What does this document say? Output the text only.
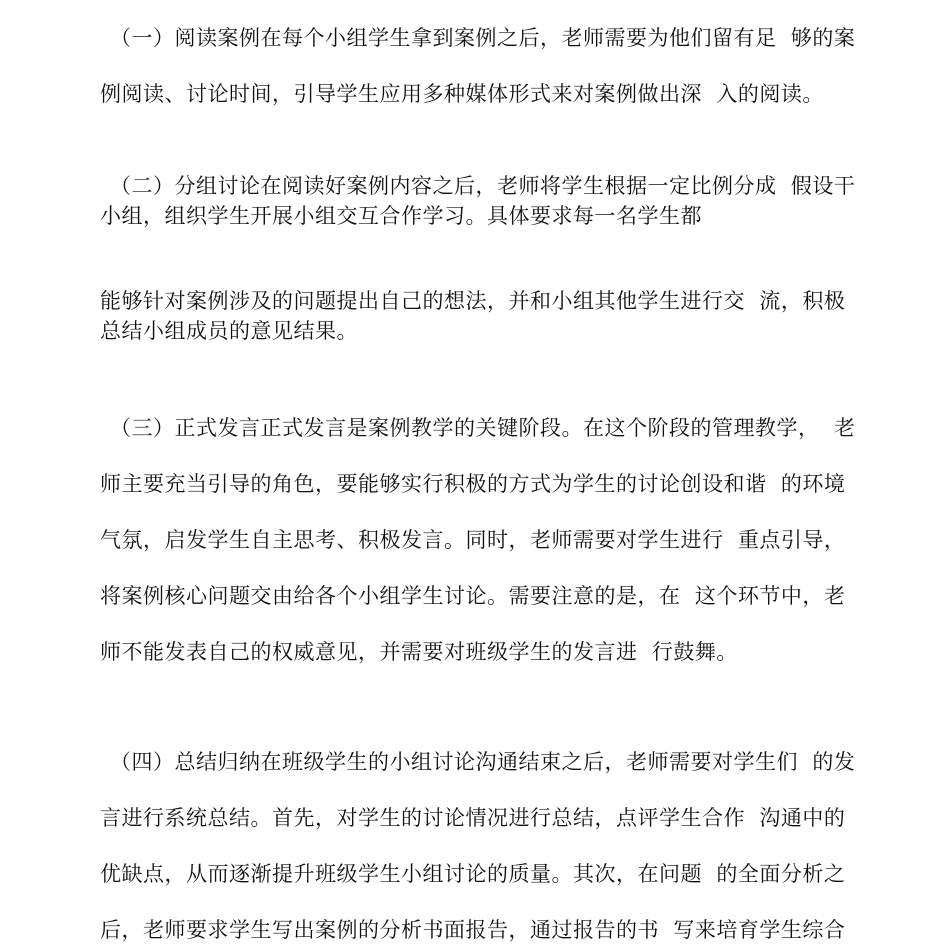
（一）阅读案例在每个小组学生拿到案例之后，老师需要为他们留有足  够的案
例阅读、讨论时间，引导学生应用多种媒体形式来对案例做出深  入的阅读。
（二）分组讨论在阅读好案例内容之后，老师将学生根据一定比例分成  假设干
小组，组织学生开展小组交互合作学习。具体要求每一名学生都
能够针对案例涉及的问题提出自己的想法，并和小组其他学生进行交  流，积极
总结小组成员的意见结果。
（三）正式发言正式发言是案例教学的关键阶段。在这个阶段的管理教学，  老
师主要充当引导的角色，要能够实行积极的方式为学生的讨论创设和谐  的环境
气氛，启发学生自主思考、积极发言。同时，老师需要对学生进行  重点引导，
将案例核心问题交由给各个小组学生讨论。需要注意的是，在  这个环节中，老
师不能发表自己的权威意见，并需要对班级学生的发言进  行鼓舞。
（四）总结归纳在班级学生的小组讨论沟通结束之后，老师需要对学生们  的发
言进行系统总结。首先，对学生的讨论情况进行总结，点评学生合作  沟通中的
优缺点，从而逐渐提升班级学生小组讨论的质量。其次，在问题  的全面分析之
后，老师要求学生写出案例的分析书面报告，通过报告的书  写来培育学生综合
